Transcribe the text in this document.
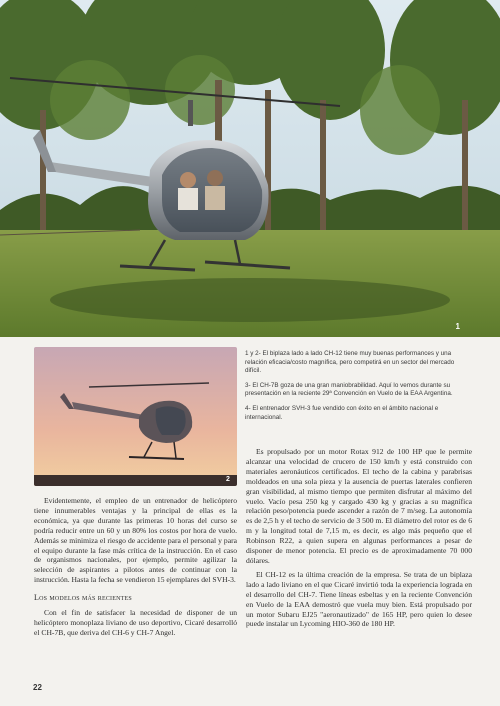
1
2

1 y 2- El biplaza lado a lado CH-12 tiene muy buenas performances y una relación eficacia/costo magnífica, pero competirá en un sector del mercado difícil.

3- El CH-7B goza de una gran maniobrabilidad. Aquí lo vemos durante su presentación en la reciente 29ª Convención en Vuelo de la EAA Argentina.

4- El entrenador SVH-3 fue vendido con éxito en el ámbito nacional e internacional.

Evidentemente, el empleo de un entrenador de helicóptero tiene innumerables ventajas y la principal de ellas es la económica, ya que durante las primeras 10 horas del curso se podría reducir entre un 60 y un 80% los costos por hora de vuelo. Además se minimiza el riesgo de accidente para el personal y para el equipo durante la fase más crítica de la instrucción. En el caso de organismos nacionales, por ejemplo, permite agilizar la selección de aspirantes a pilotos antes de continuar con la instrucción. Hasta la fecha se vendieron 15 ejemplares del SVH-3.

Los modelos más recientes

Con el fin de satisfacer la necesidad de disponer de un helicóptero monoplaza liviano de uso deportivo, Cicaré desarrolló el CH-7B, que deriva del CH-6 y CH-7 Angel.

Es propulsado por un motor Rotax 912 de 100 HP que le permite alcanzar una velocidad de crucero de 150 km/h y está construido con materiales aeronáuticos certificados. El techo de la cabina y parabrisas moldeados en una sola pieza y la ausencia de puertas laterales confieren gran visibilidad, al mismo tiempo que permiten disfrutar al máximo del vuelo. Vacío pesa 250 kg y cargado 430 kg y gracias a su magnífica relación peso/potencia puede ascender a razón de 7 m/seg. La autonomía es de 2,5 h y el techo de servicio de 3 500 m. El diámetro del rotor es de 6 m y la longitud total de 7,15 m, es decir, es algo más pequeño que el Robinson R22, a quien supera en algunas performances a pesar de disponer de menor potencia. El precio es de aproximadamente 70 000 dólares.

El CH-12 es la última creación de la empresa. Se trata de un biplaza lado a lado liviano en el que Cicaré invirtió toda la experiencia lograda en el desarrollo del CH-7. Tiene líneas esbeltas y en la reciente Convención en Vuelo de la EAA demostró que vuela muy bien. Está propulsado por un motor Subaru EJ25 "aeronautizado" de 165 HP, pero quien lo desee puede instalar un Lycoming HIO-360 de 180 HP.

22
